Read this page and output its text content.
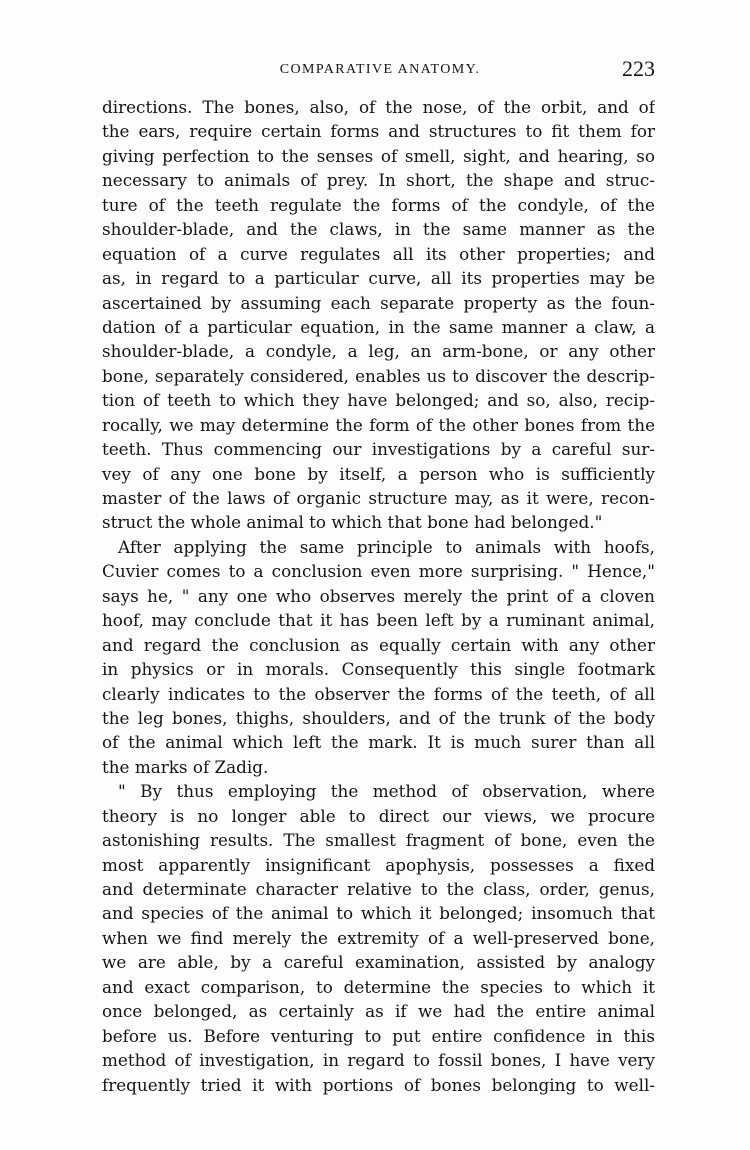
COMPARATIVE ANATOMY.	223
directions. The bones, also, of the nose, of the orbit, and of
the ears, require certain forms and structures to fit them for
giving perfection to the senses of smell, sight, and hearing, so
necessary to animals of prey. In short, the shape and struc-
ture of the teeth regulate the forms of the condyle, of the
shoulder-blade, and the claws, in the same manner as the
equation of a curve regulates all its other properties; and
as, in regard to a particular curve, all its properties may be
ascertained by assuming each separate property as the foun-
dation of a particular equation, in the same manner a claw, a
shoulder-blade, a condyle, a leg, an arm-bone, or any other
bone, separately considered, enables us to discover the descrip-
tion of teeth to which they have belonged; and so, also, recip-
rocally, we may determine the form of the other bones from the
teeth. Thus commencing our investigations by a careful sur-
vey of any one bone by itself, a person who is sufficiently
master of the laws of organic structure may, as it were, recon-
struct the whole animal to which that bone had belonged."
After applying the same principle to animals with hoofs,
Cuvier comes to a conclusion even more surprising. " Hence,"
says he, " any one who observes merely the print of a cloven
hoof, may conclude that it has been left by a ruminant animal,
and regard the conclusion as equally certain with any other
in physics or in morals. Consequently this single footmark
clearly indicates to the observer the forms of the teeth, of all
the leg bones, thighs, shoulders, and of the trunk of the body
of the animal which left the mark. It is much surer than all
the marks of Zadig.
" By thus employing the method of observation, where
theory is no longer able to direct our views, we procure
astonishing results. The smallest fragment of bone, even the
most apparently insignificant apophysis, possesses a fixed
and determinate character relative to the class, order, genus,
and species of the animal to which it belonged; insomuch that
when we find merely the extremity of a well-preserved bone,
we are able, by a careful examination, assisted by analogy
and exact comparison, to determine the species to which it
once belonged, as certainly as if we had the entire animal
before us. Before venturing to put entire confidence in this
method of investigation, in regard to fossil bones, I have very
frequently tried it with portions of bones belonging to well-
